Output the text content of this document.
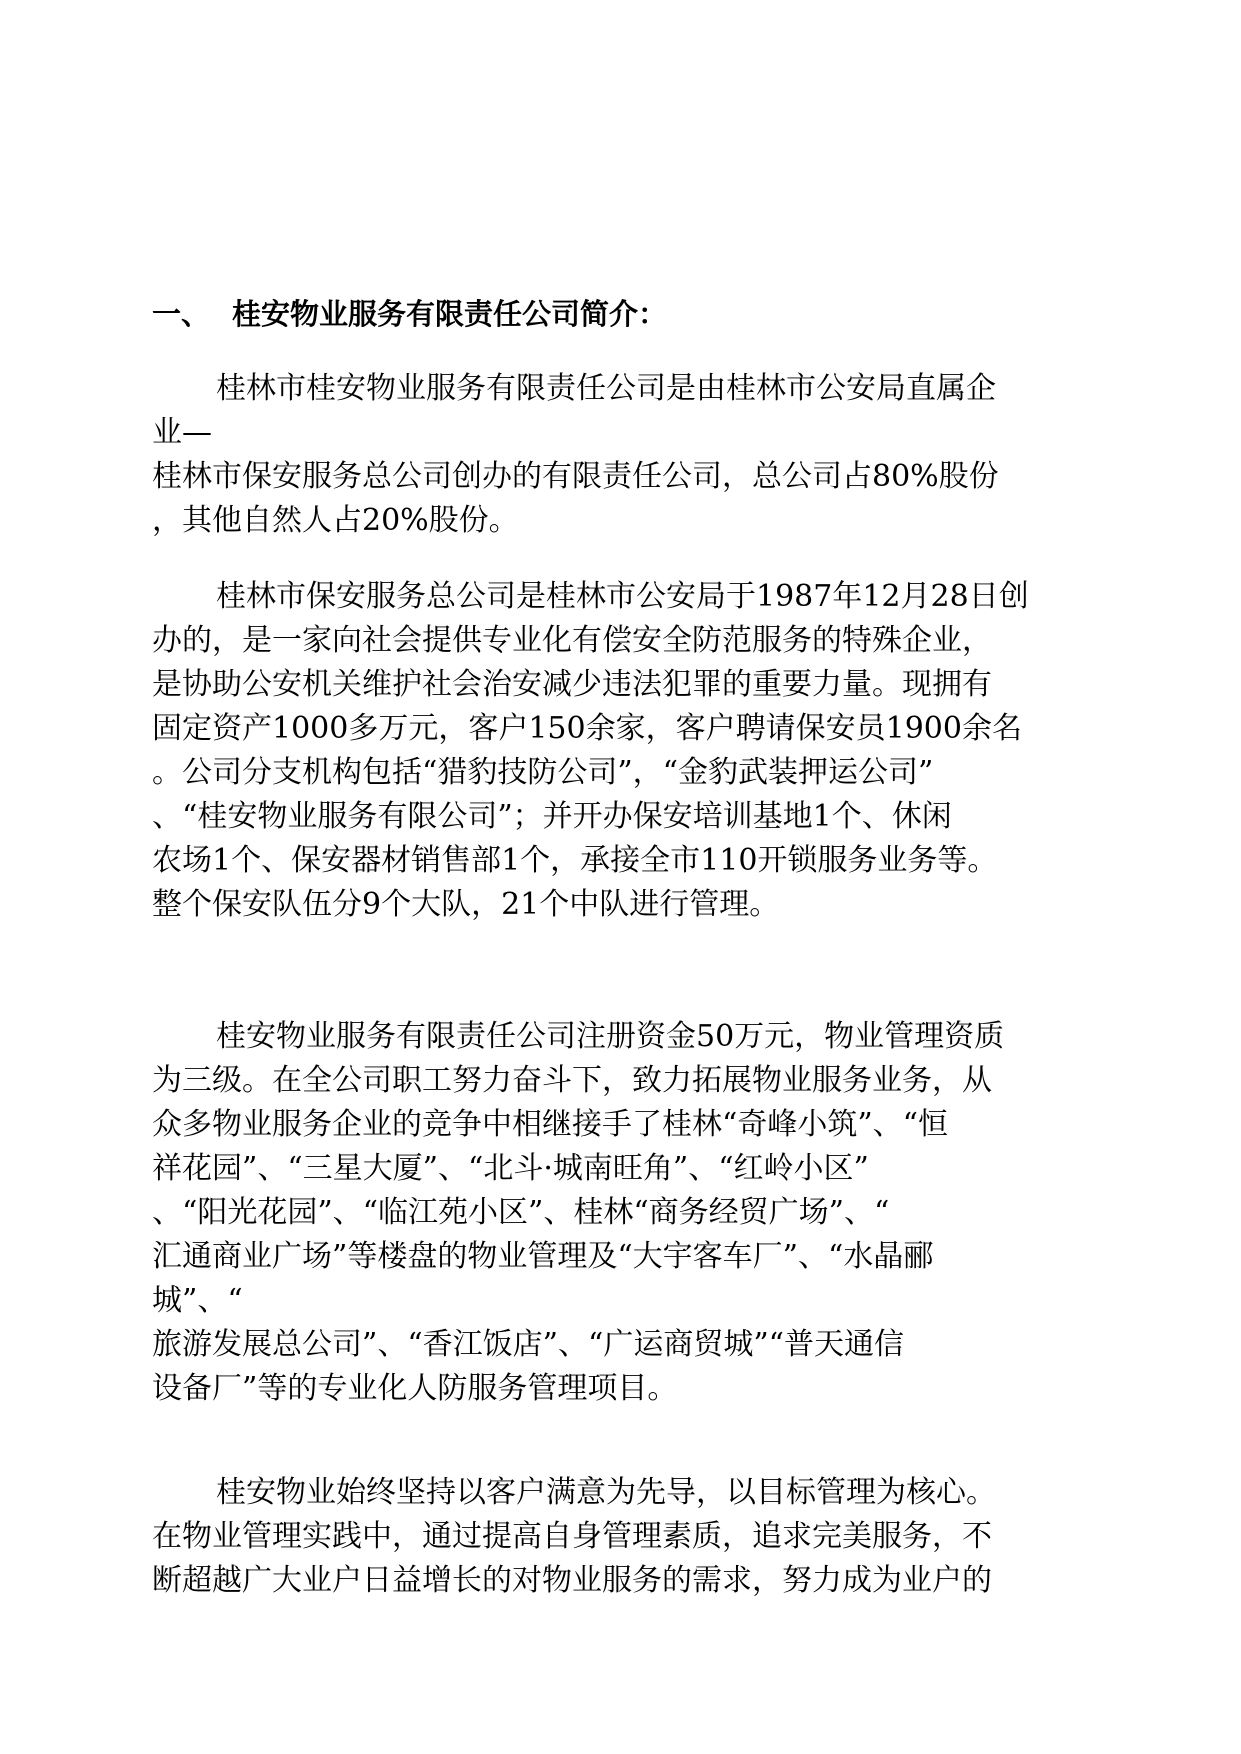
一、 桂安物业服务有限责任公司简介：
桂林市桂安物业服务有限责任公司是由桂林市公安局直属企
业—
桂林市保安服务总公司创办的有限责任公司，总公司占80%股份
，其他自然人占20%股份。
桂林市保安服务总公司是桂林市公安局于1987年12月28日创
办的，是一家向社会提供专业化有偿安全防范服务的特殊企业，
是协助公安机关维护社会治安减少违法犯罪的重要力量。现拥有
固定资产1000多万元，客户150余家，客户聘请保安员1900余名
。公司分支机构包括“猎豹技防公司”，“金豹武装押运公司”
、“桂安物业服务有限公司”；并开办保安培训基地1个、休闲
农场1个、保安器材销售部1个，承接全市110开锁服务业务等。
整个保安队伍分9个大队，21个中队进行管理。
桂安物业服务有限责任公司注册资金50万元，物业管理资质
为三级。在全公司职工努力奋斗下，致力拓展物业服务业务，从
众多物业服务企业的竞争中相继接手了桂林“奇峰小筑”、“恒
祥花园”、“三星大厦”、“北斗·城南旺角”、“红岭小区”
、“阳光花园”、“临江苑小区”、桂林“商务经贸广场”、“
汇通商业广场”等楼盘的物业管理及“大宇客车厂”、“水晶郦
城”、“
旅游发展总公司”、“香江饭店”、“广运商贸城”“普天通信
设备厂”等的专业化人防服务管理项目。
桂安物业始终坚持以客户满意为先导，以目标管理为核心。
在物业管理实践中，通过提高自身管理素质，追求完美服务，不
断超越广大业户日益增长的对物业服务的需求，努力成为业户的
